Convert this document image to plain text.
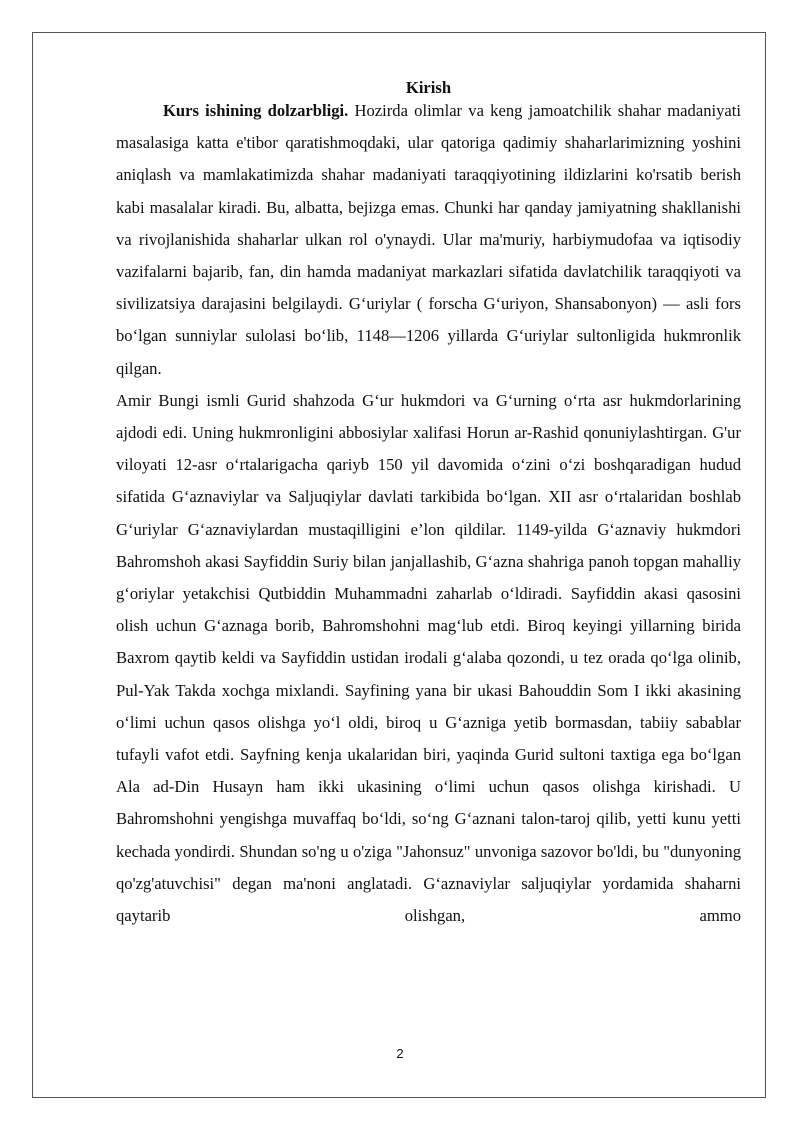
Kirish

Kurs ishining dolzarbligi. Hozirda olimlar va keng jamoatchilik shahar madaniyati masalasiga katta e'tibor qaratishmoqdaki, ular qatoriga qadimiy shaharlarimizning yoshini aniqlash va mamlakatimizda shahar madaniyati taraqqiyotining ildizlarini ko'rsatib berish kabi masalalar kiradi. Bu, albatta, bejizga emas. Chunki har qanday jamiyatning shakllanishi va rivojlanishida shaharlar ulkan rol o'ynaydi. Ular ma'muriy, harbiymudofaa va iqtisodiy vazifalarni bajarib, fan, din hamda madaniyat markazlari sifatida davlatchilik taraqqiyoti va sivilizatsiya darajasini belgilaydi. G‘uriylar ( forscha G‘uriyon, Shansabonyon) — asli fors bo‘lgan sunniylar sulolasi bo‘lib, 1148—1206 yillarda G‘uriylar sultonligida hukmronlik qilgan.

Amir Bungi ismli Gurid shahzoda G‘ur hukmdori va G‘urning o‘rta asr hukmdorlarining ajdodi edi. Uning hukmronligini abbosiylar xalifasi Horun ar-Rashid qonuniylashtirgan. G'ur viloyati 12-asr o‘rtalarigacha qariyb 150 yil davomida o‘zini o‘zi boshqaradigan hudud sifatida G‘aznaviylar va Saljuqiylar davlati tarkibida bo‘lgan. XII asr o‘rtalaridan boshlab G‘uriylar G‘aznaviylardan mustaqilligini e’lon qildilar. 1149-yilda G‘aznaviy hukmdori Bahromshoh akasi Sayfiddin Suriy bilan janjallashib, G‘azna shahriga panoh topgan mahalliy g‘oriylar yetakchisi Qutbiddin Muhammadni zaharlab o‘ldiradi. Sayfiddin akasi qasosini olish uchun G‘aznaga borib, Bahromshohni mag‘lub etdi. Biroq keyingi yillarning birida Baxrom qaytib keldi va Sayfiddin ustidan irodali g‘alaba qozondi, u tez orada qo‘lga olinib, Pul-Yak Takda xochga mixlandi. Sayfining yana bir ukasi Bahouddin Som I ikki akasining o‘limi uchun qasos olishga yo‘l oldi, biroq u G‘azniga yetib bormasdan, tabiiy sabablar tufayli vafot etdi. Sayfning kenja ukalaridan biri, yaqinda Gurid sultoni taxtiga ega bo‘lgan Ala ad-Din Husayn ham ikki ukasining o‘limi uchun qasos olishga kirishadi. U Bahromshohni yengishga muvaffaq bo‘ldi, so‘ng G‘aznani talon-taroj qilib, yetti kunu yetti kechada yondirdi. Shundan so'ng u o'ziga "Jahonsuz" unvoniga sazovor bo'ldi, bu "dunyoning qo'zg'atuvchisi" degan ma'noni anglatadi. G‘aznaviylar saljuqiylar yordamida shaharni qaytarib olishgan, ammo

2
